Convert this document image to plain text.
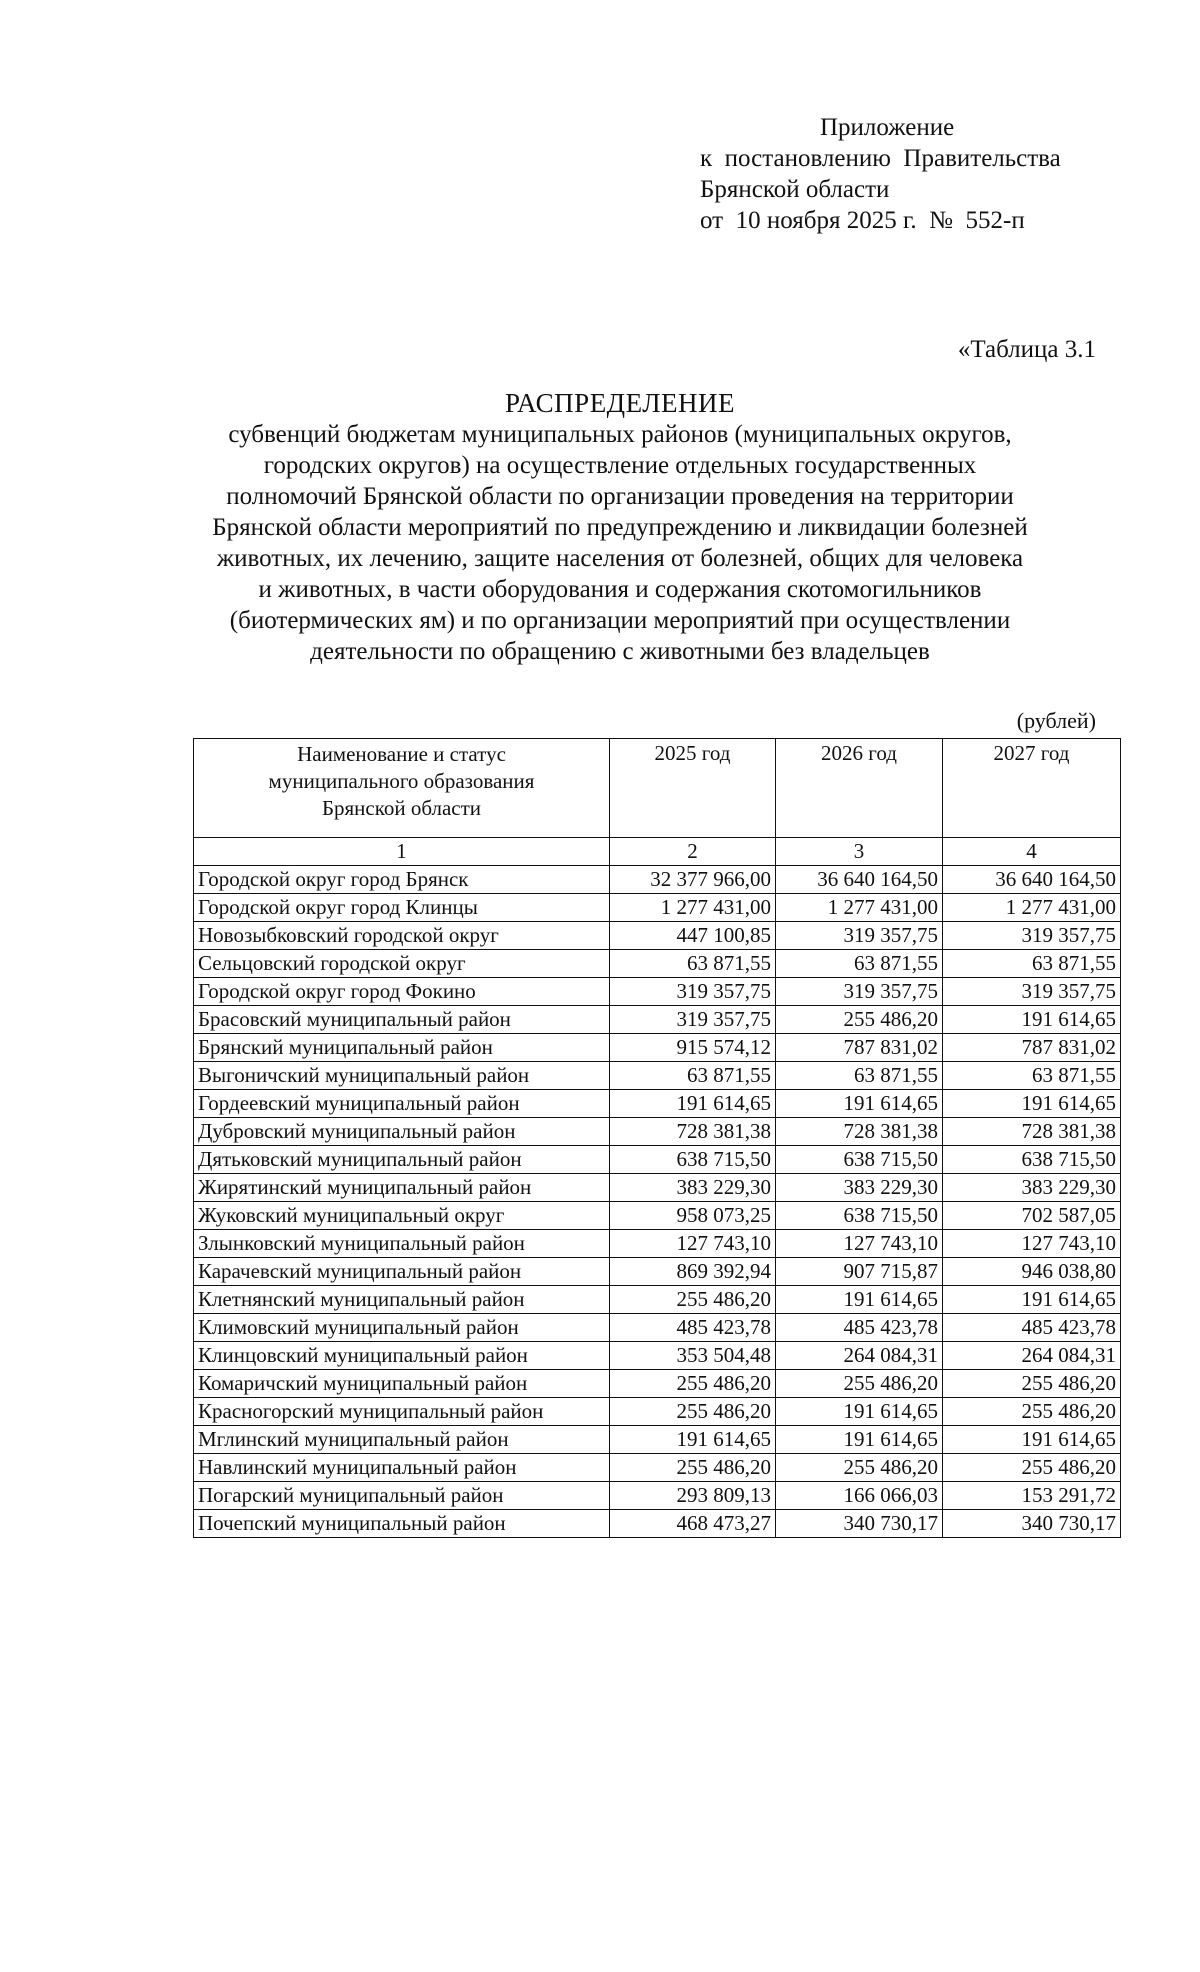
Приложение
к  постановлению  Правительства
Брянской области
от  10 ноября 2025 г.  №  552-п
«Таблица 3.1
РАСПРЕДЕЛЕНИЕ
субвенций бюджетам муниципальных районов (муниципальных округов,
городских округов) на осуществление отдельных государственных
полномочий Брянской области по организации проведения на территории
Брянской области мероприятий по предупреждению и ликвидации болезней
животных, их лечению, защите населения от болезней, общих для человека
и животных, в части оборудования и содержания скотомогильников
(биотермических ям) и по организации мероприятий при осуществлении
деятельности по обращению с животными без владельцев
(рублей)
Наименование и статус
муниципального образования
Брянской области	2025 год	2026 год	2027 год
1	2	3	4
Городской округ город Брянск	32 377 966,00	36 640 164,50	36 640 164,50
Городской округ город Клинцы	1 277 431,00	1 277 431,00	1 277 431,00
Новозыбковский городской округ	447 100,85	319 357,75	319 357,75
Сельцовский городской округ	63 871,55	63 871,55	63 871,55
Городской округ город Фокино	319 357,75	319 357,75	319 357,75
Брасовский муниципальный район	319 357,75	255 486,20	191 614,65
Брянский муниципальный район	915 574,12	787 831,02	787 831,02
Выгоничский муниципальный район	63 871,55	63 871,55	63 871,55
Гордеевский муниципальный район	191 614,65	191 614,65	191 614,65
Дубровский муниципальный район	728 381,38	728 381,38	728 381,38
Дятьковский муниципальный район	638 715,50	638 715,50	638 715,50
Жирятинский муниципальный район	383 229,30	383 229,30	383 229,30
Жуковский муниципальный округ	958 073,25	638 715,50	702 587,05
Злынковский муниципальный район	127 743,10	127 743,10	127 743,10
Карачевский муниципальный район	869 392,94	907 715,87	946 038,80
Клетнянский муниципальный район	255 486,20	191 614,65	191 614,65
Климовский муниципальный район	485 423,78	485 423,78	485 423,78
Клинцовский муниципальный район	353 504,48	264 084,31	264 084,31
Комаричский муниципальный район	255 486,20	255 486,20	255 486,20
Красногорский муниципальный район	255 486,20	191 614,65	255 486,20
Мглинский муниципальный район	191 614,65	191 614,65	191 614,65
Навлинский муниципальный район	255 486,20	255 486,20	255 486,20
Погарский муниципальный район	293 809,13	166 066,03	153 291,72
Почепский муниципальный район	468 473,27	340 730,17	340 730,17
